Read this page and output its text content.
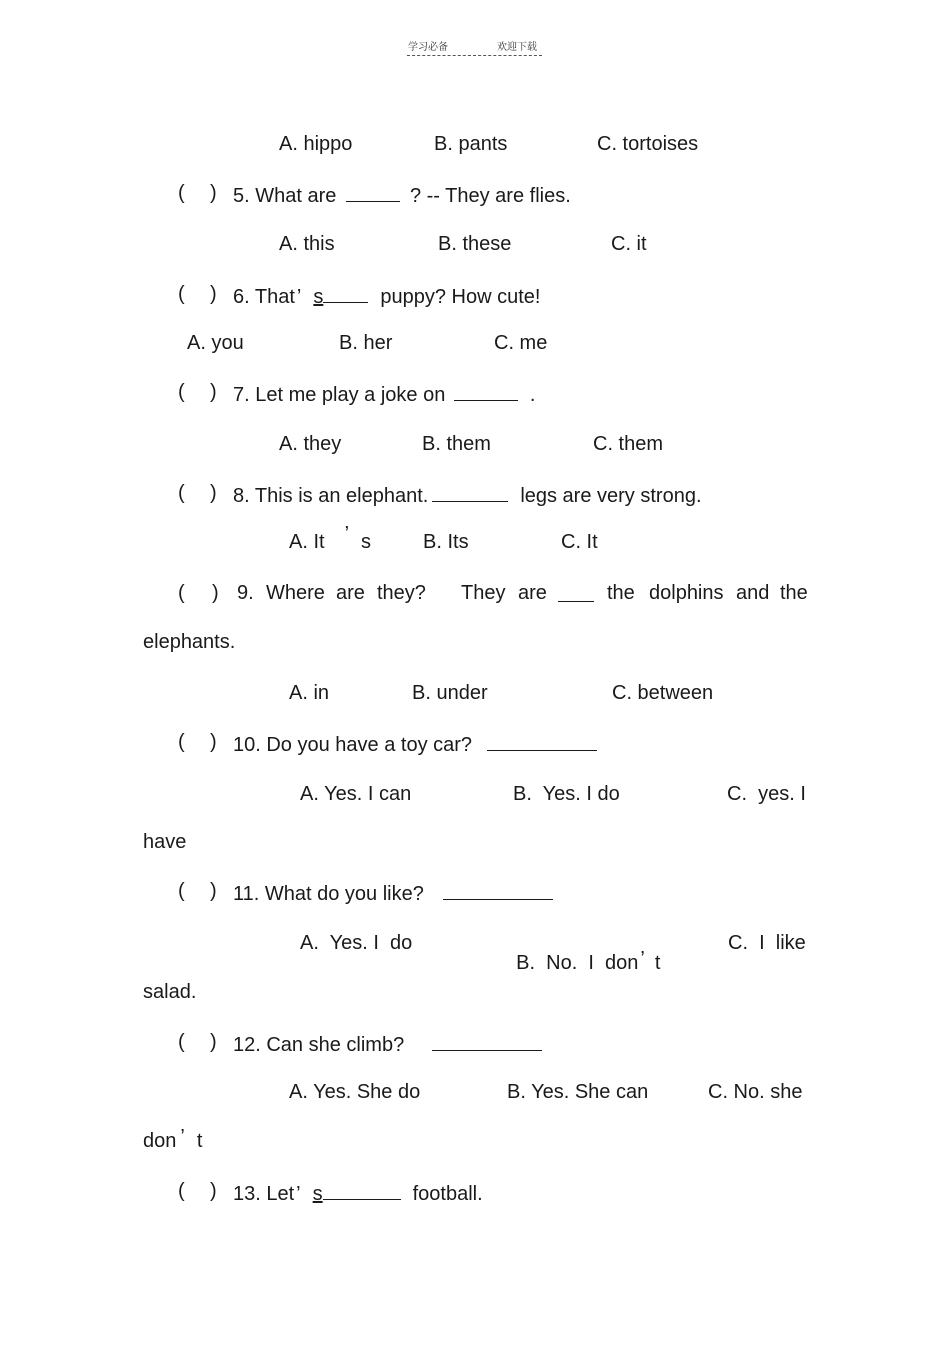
学习必备	欢迎下载
A. hippo	B. pants	C. tortoises
( ) 5. What are	? -- They are flies.
A. this	B. these	C. it
( ) 6. That ’ s	puppy? How cute!
A. you	B. her	C. me
( ) 7. Let me play a joke on	.
A. they	B. them	C. them
( ) 8. This is an elephant.	legs are very strong.
A. It ’ s	B. Its	C. It
( ) 9. Where are they? They are	the dolphins and the
elephants.
A. in	B. under	C. between
( ) 10. Do you have a toy car?
A. Yes. I can	B.  Yes. I do	C.  yes. I
have
( ) 11. What do you like?
A.  Yes. I  do

B.  No.  I  don ’ t

C.  I  like
salad.
( ) 12. Can she climb?
A. Yes. She do	B. Yes. She can	C. No. she
don ’ t
( ) 13. Let ’ s	football.
